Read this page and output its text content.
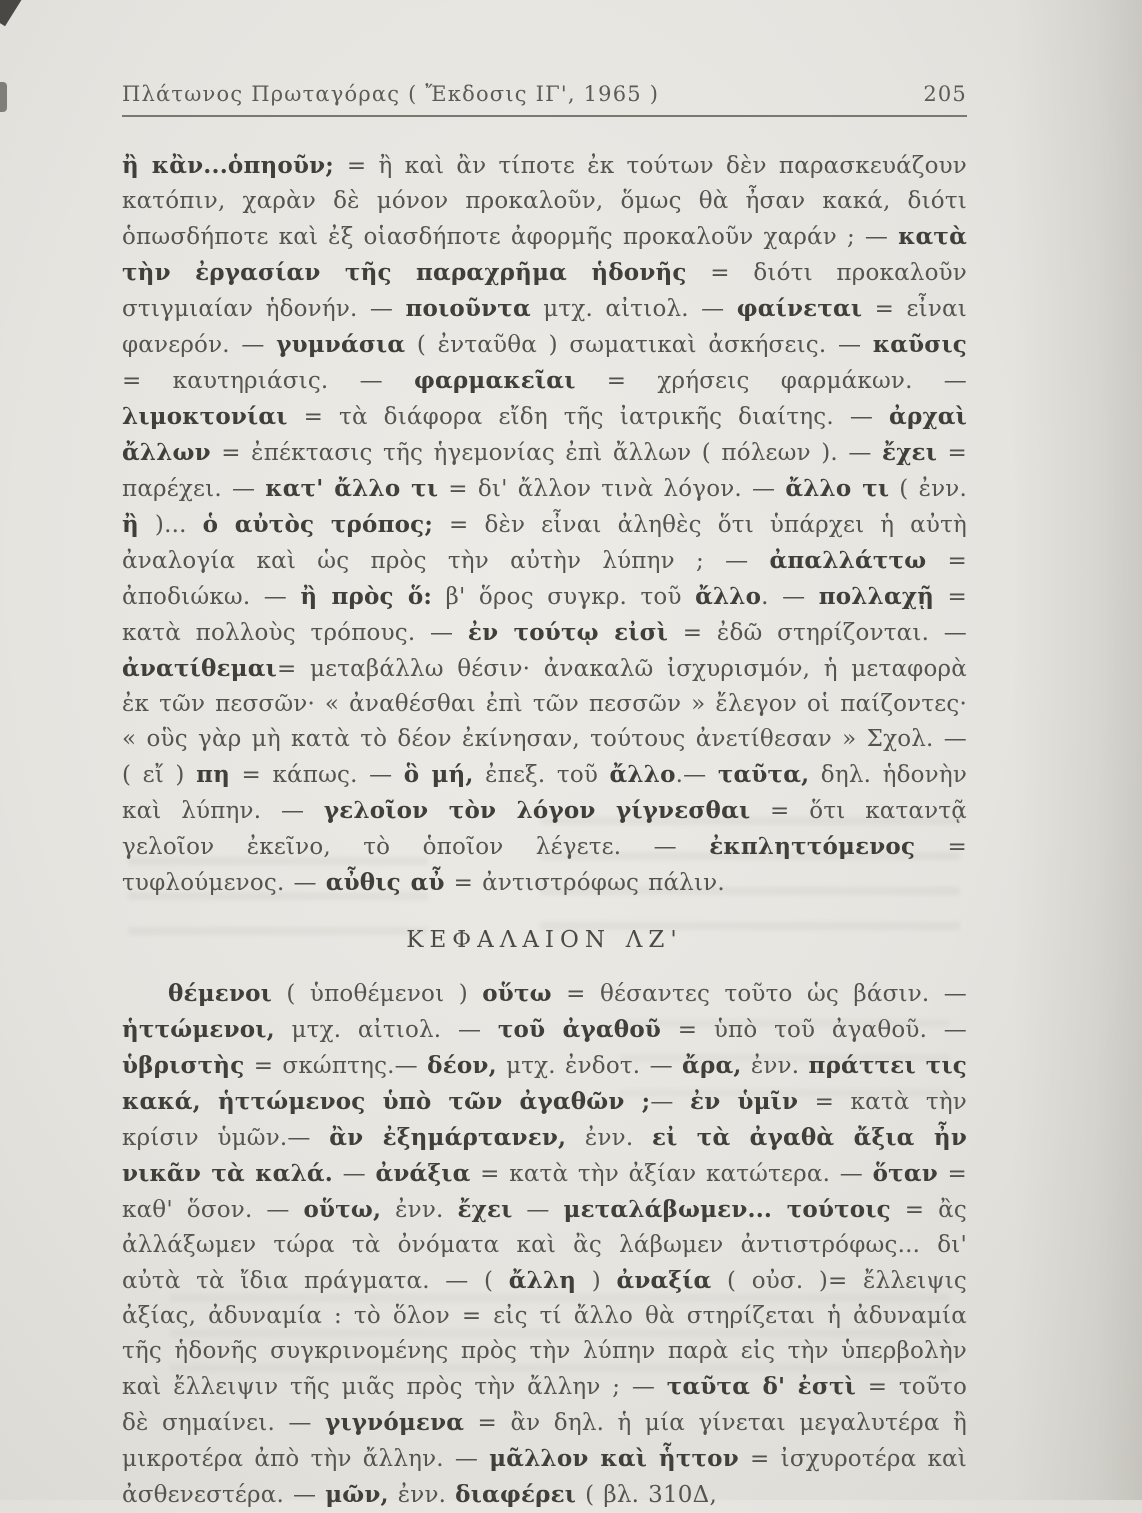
Πλάτωνος Πρωταγόρας ( Ἔκδοσις ΙΓ', 1965 )	205

ἢ κἂν...ὁπηοῦν; = ἢ καὶ ἂν τίποτε ἐκ τούτων δὲν παρασκευάζουν κατόπιν, χαρὰν δὲ μόνον προκαλοῦν, ὅμως θὰ ἦσαν κακά, διότι ὁπωσδήποτε καὶ ἐξ οἱασδήποτε ἀφορμῆς προκαλοῦν χαράν ; — κατὰ τὴν ἐργασίαν τῆς παραχρῆμα ἡδονῆς = διότι προκαλοῦν στιγμιαίαν ἡδονήν. — ποιοῦντα μτχ. αἰτιολ. — φαίνεται = εἶναι φανερόν. — γυμνάσια ( ἐνταῦθα ) σωματικαὶ ἀσκήσεις. — καῦσις = καυτηριάσις. — φαρμακεῖαι = χρήσεις φαρμάκων. — λιμοκτονίαι = τὰ διάφορα εἴδη τῆς ἰατρικῆς διαίτης. — ἀρχαὶ ἄλλων = ἐπέκτασις τῆς ἡγεμονίας ἐπὶ ἄλλων ( πόλεων ). — ἔχει = παρέχει. — κατ' ἄλλο τι = δι' ἄλλον τινὰ λόγον. — ἄλλο τι ( ἐνν. ἢ )... ὁ αὐτὸς τρόπος; = δὲν εἶναι ἀληθὲς ὅτι ὑπάρχει ἡ αὐτὴ ἀναλογία καὶ ὡς πρὸς τὴν αὐτὴν λύπην ; — ἀπαλλάττω = ἀποδιώκω. — ἢ πρὸς ὅ: β' ὅρος συγκρ. τοῦ ἄλλο. — πολλαχῇ = κατὰ πολλοὺς τρόπους. — ἐν τούτῳ εἰσὶ = ἐδῶ στηρίζονται. — ἀνατίθεμαι= μεταβάλλω θέσιν· ἀνακαλῶ ἰσχυρισμόν, ἡ μεταφορὰ ἐκ τῶν πεσσῶν· « ἀναθέσθαι ἐπὶ τῶν πεσσῶν » ἔλεγον οἱ παίζοντες· « οὓς γὰρ μὴ κατὰ τὸ δέον ἐκίνησαν, τούτους ἀνετίθεσαν » Σχολ. — ( εἴ ) πη = κάπως. — ὃ μή, ἐπεξ. τοῦ ἄλλο.— ταῦτα, δηλ. ἡδονὴν καὶ λύπην. — γελοῖον τὸν λόγον γίγνεσθαι = ὅτι καταντᾷ γελοῖον ἐκεῖνο, τὸ ὁποῖον λέγετε. — ἐκπληττόμενος = τυφλούμενος. — αὖθις αὖ = ἀντιστρόφως πάλιν.

ΚΕΦΑΛΑΙΟΝ ΛΖ'

θέμενοι ( ὑποθέμενοι ) οὕτω = θέσαντες τοῦτο ὡς βάσιν. — ἡττώμενοι, μτχ. αἰτιολ. — τοῦ ἀγαθοῦ = ὑπὸ τοῦ ἀγαθοῦ. — ὑβριστὴς = σκώπτης.— δέον, μτχ. ἐνδοτ. — ἄρα, ἐνν. πράττει τις κακά, ἡττώμενος ὑπὸ τῶν ἀγαθῶν ;— ἐν ὑμῖν = κατὰ τὴν κρίσιν ὑμῶν.— ἂν ἐξημάρτανεν, ἐνν. εἰ τὰ ἀγαθὰ ἄξια ἦν νικᾶν τὰ καλά. — ἀνάξια = κατὰ τὴν ἀξίαν κατώτερα. — ὅταν = καθ' ὅσον. — οὕτω, ἐνν. ἔχει — μεταλάβωμεν... τούτοις = ἂς ἀλλάξωμεν τώρα τὰ ὀνόματα καὶ ἂς λάβωμεν ἀντιστρόφως... δι' αὐτὰ τὰ ἴδια πράγματα. — ( ἄλλη ) ἀναξία ( οὐσ. )= ἔλλειψις ἀξίας, ἀδυναμία : τὸ ὅλον = εἰς τί ἄλλο θὰ στηρίζεται ἡ ἀδυναμία τῆς ἡδονῆς συγκρινομένης πρὸς τὴν λύπην παρὰ εἰς τὴν ὑπερβολὴν καὶ ἔλλειψιν τῆς μιᾶς πρὸς τὴν ἄλλην ; — ταῦτα δ' ἐστὶ = τοῦτο δὲ σημαίνει. — γιγνόμενα = ἂν δηλ. ἡ μία γίνεται μεγαλυτέρα ἢ μικροτέρα ἀπὸ τὴν ἄλλην. — μᾶλλον καὶ ἧττον = ἰσχυροτέρα καὶ ἀσθενεστέρα. — μῶν, ἐνν. διαφέρει ( βλ. 310Δ,
